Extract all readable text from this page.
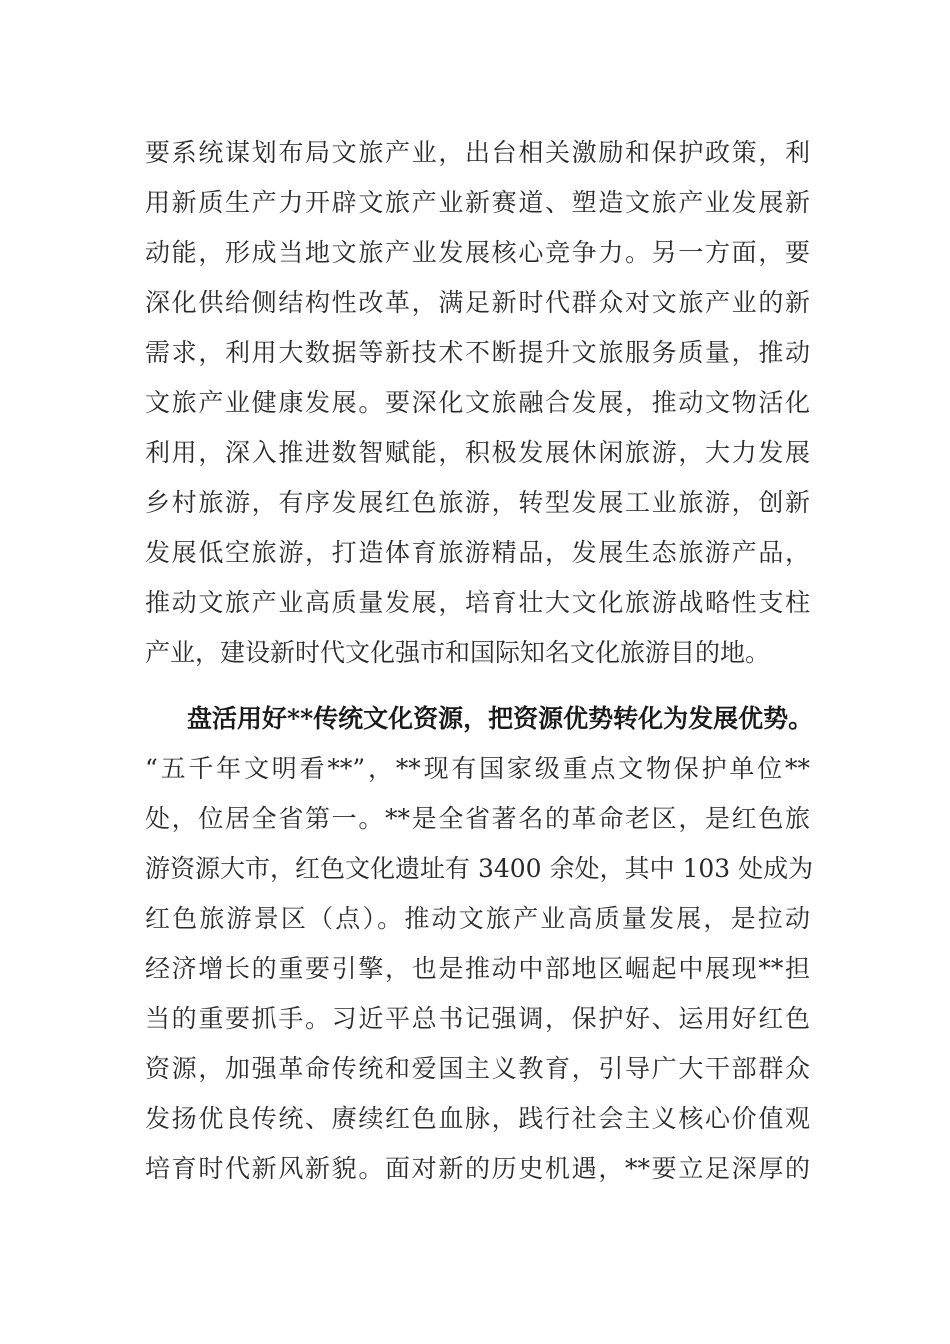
要系统谋划布局文旅产业，出台相关激励和保护政策，利
用新质生产力开辟文旅产业新赛道、塑造文旅产业发展新
动能，形成当地文旅产业发展核心竞争力。另一方面，要
深化供给侧结构性改革，满足新时代群众对文旅产业的新
需求，利用大数据等新技术不断提升文旅服务质量，推动
文旅产业健康发展。要深化文旅融合发展，推动文物活化
利用，深入推进数智赋能，积极发展休闲旅游，大力发展
乡村旅游，有序发展红色旅游，转型发展工业旅游，创新
发展低空旅游，打造体育旅游精品，发展生态旅游产品，
推动文旅产业高质量发展，培育壮大文化旅游战略性支柱
产业，建设新时代文化强市和国际知名文化旅游目的地。
盘活用好**传统文化资源，把资源优势转化为发展优势。
“五千年文明看**”，**现有国家级重点文物保护单位**
处，位居全省第一。**是全省著名的革命老区，是红色旅
游资源大市，红色文化遗址有 3400 余处，其中 103 处成为
红色旅游景区（点）。推动文旅产业高质量发展，是拉动
经济增长的重要引擎，也是推动中部地区崛起中展现**担
当的重要抓手。习近平总书记强调，保护好、运用好红色
资源，加强革命传统和爱国主义教育，引导广大干部群众
发扬优良传统、赓续红色血脉，践行社会主义核心价值观
培育时代新风新貌。面对新的历史机遇，**要立足深厚的
